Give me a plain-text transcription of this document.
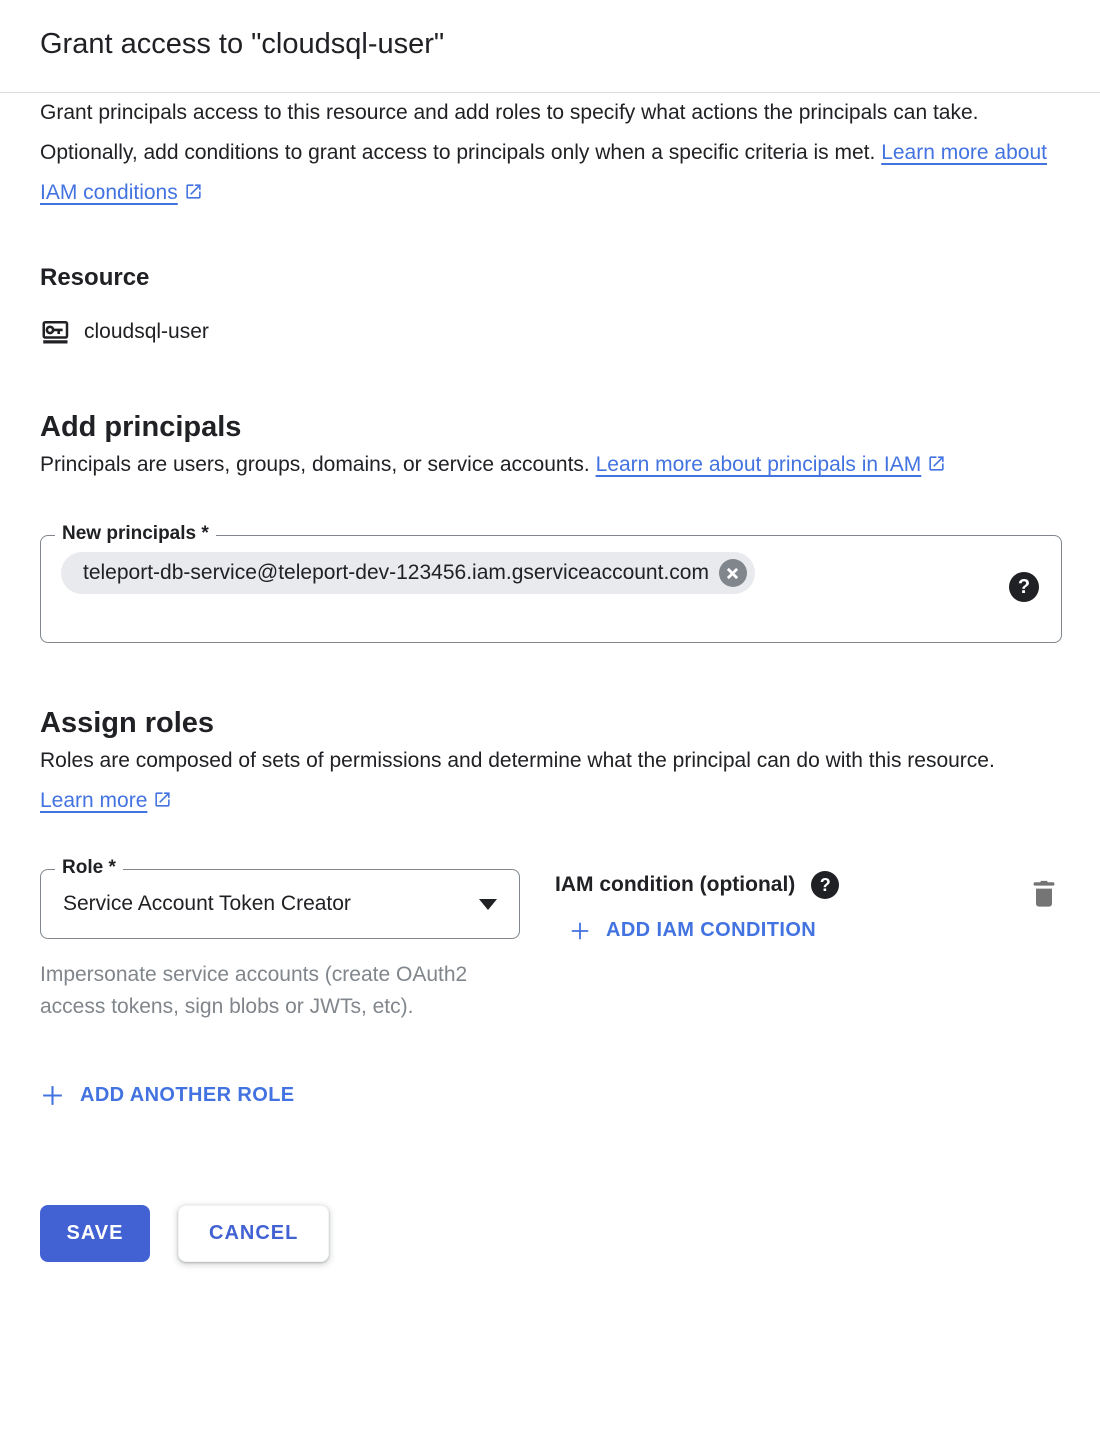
Grant access to "cloudsql-user"

Grant principals access to this resource and add roles to specify what actions the principals can take. Optionally, add conditions to grant access to principals only when a specific criteria is met. Learn more about IAM conditions

Resource
cloudsql-user
Add principals

Principals are users, groups, domains, or service accounts. Learn more about principals in IAM

New principals *
teleport-db-service@teleport-dev-123456.iam.gserviceaccount.com
?
Assign roles

Roles are composed of sets of permissions and determine what the principal can do with this resource. Learn more

Role *
Service Account Token Creator
Impersonate service accounts (create OAuth2 access tokens, sign blobs or JWTs, etc).
IAM condition (optional)	?
ADD IAM CONDITION
ADD ANOTHER ROLE
SAVE	CANCEL
